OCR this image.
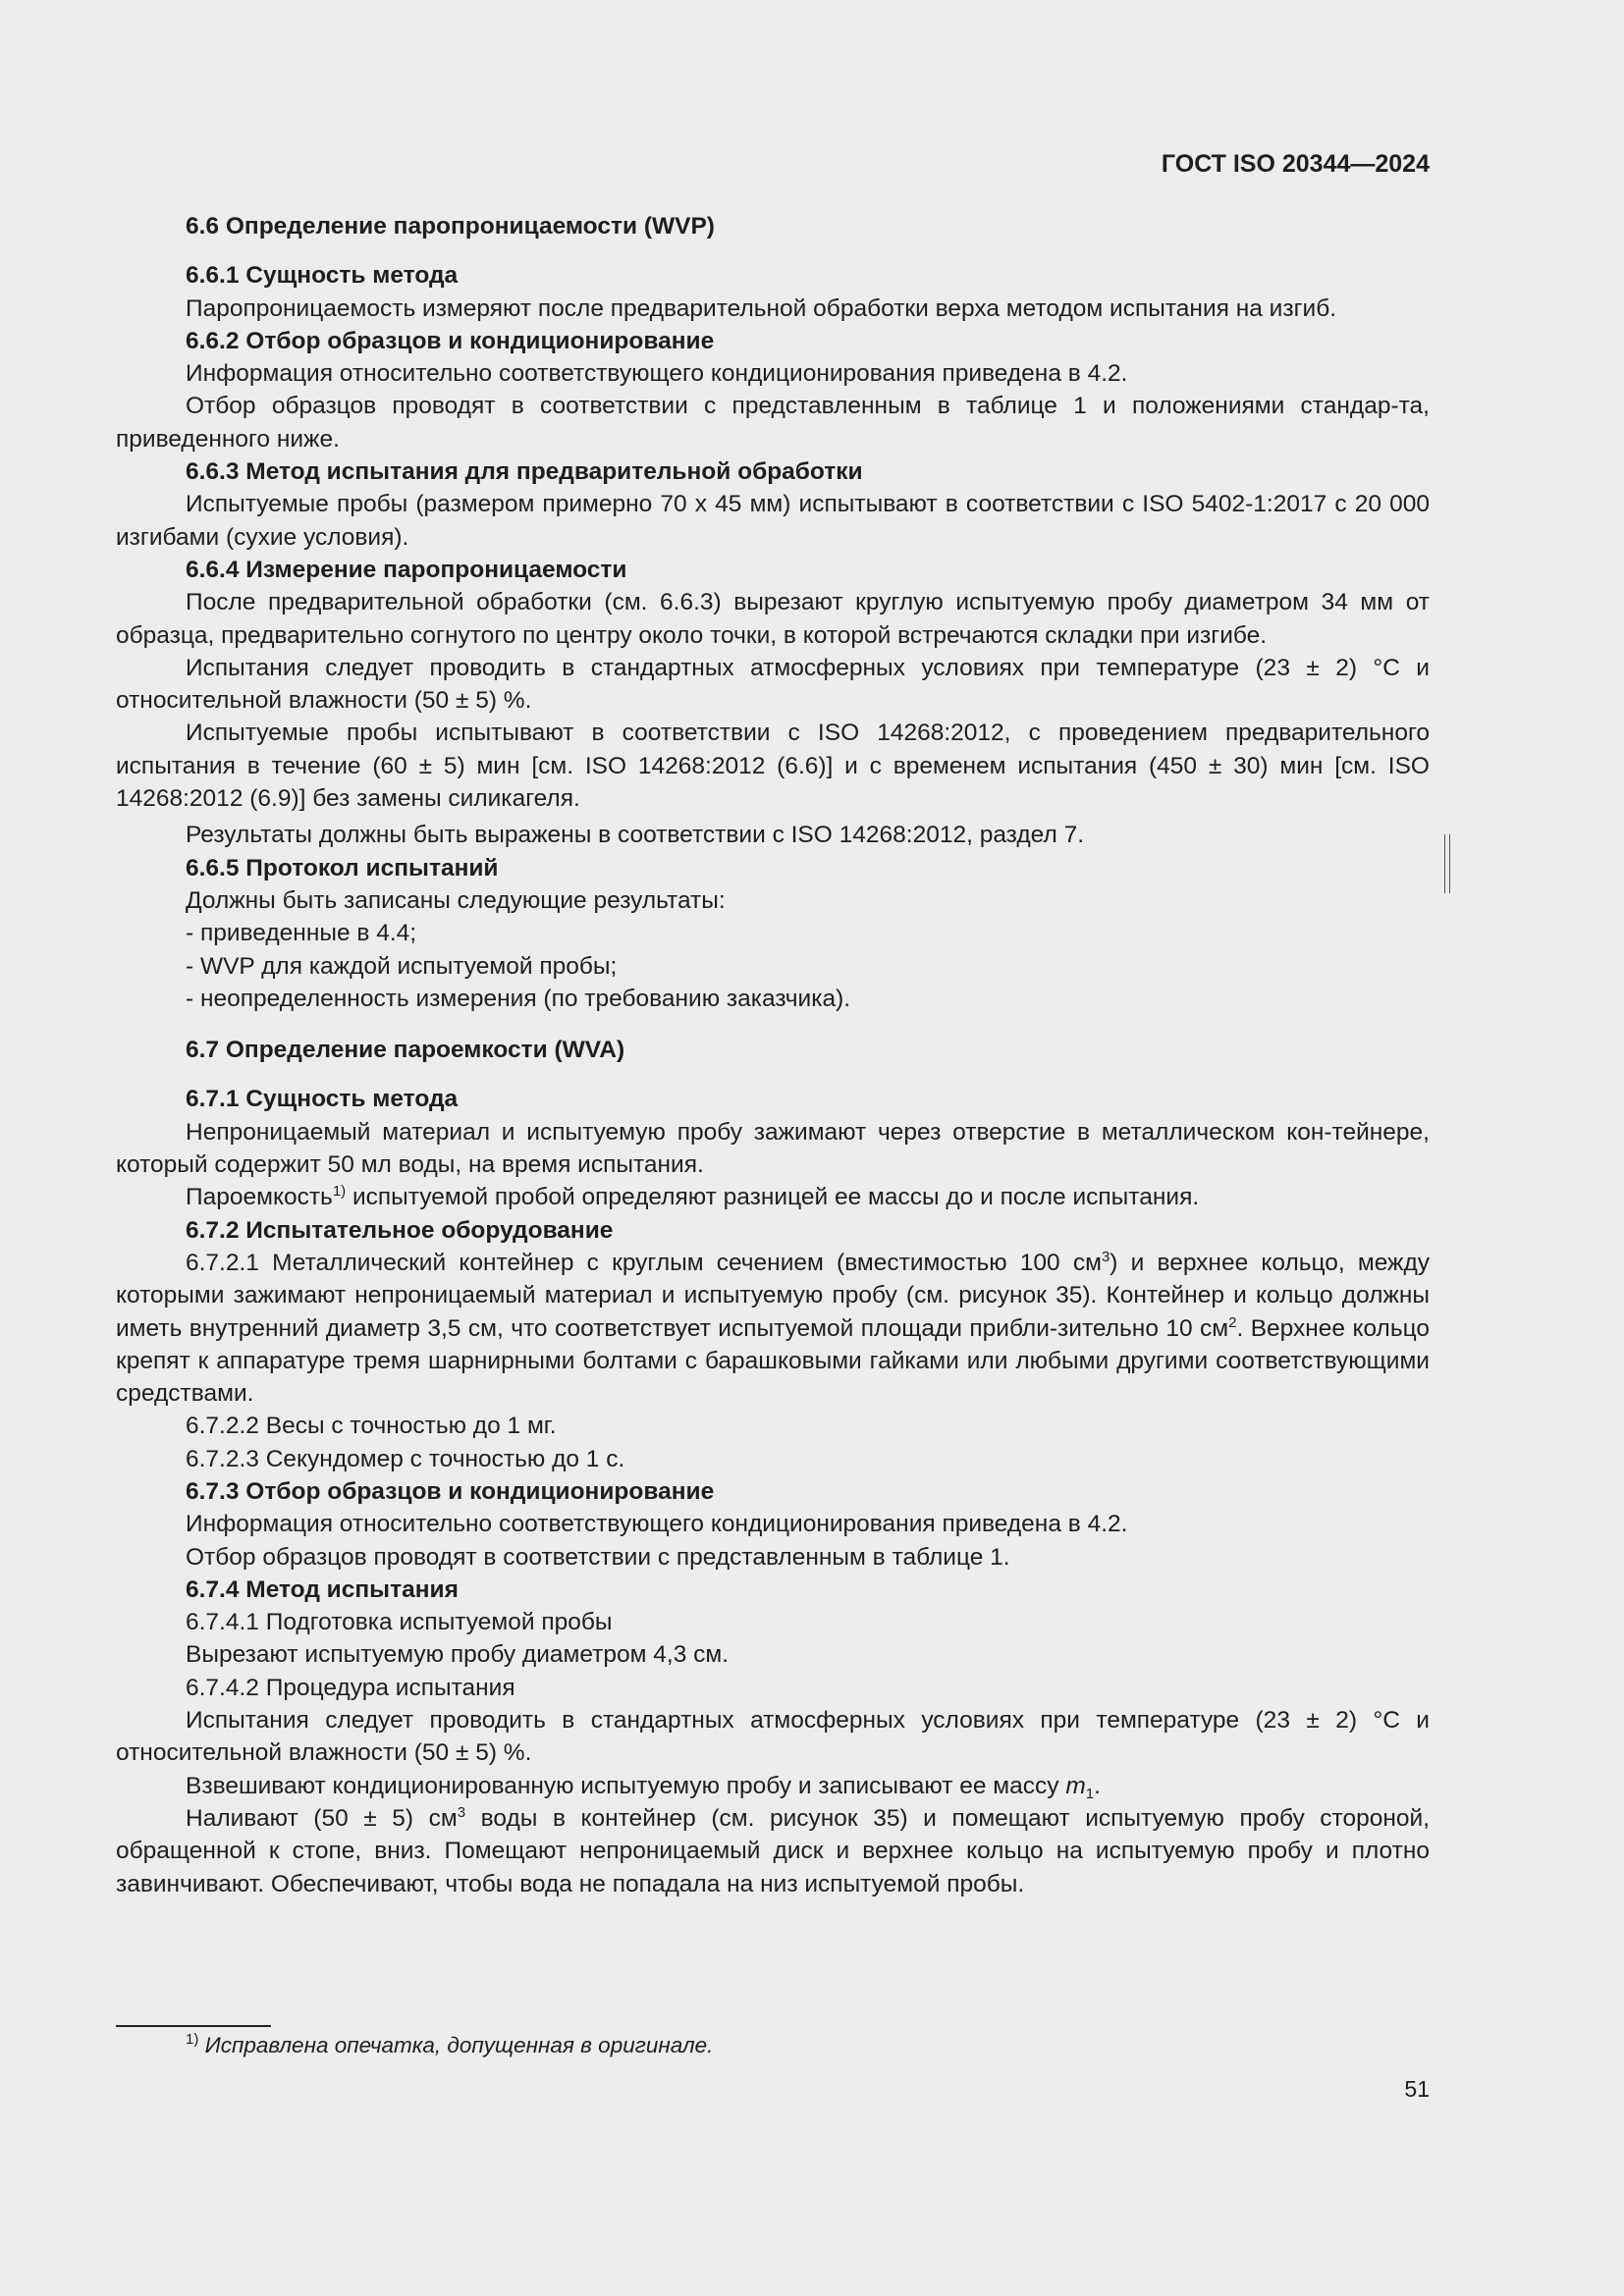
ГОСТ ISO 20344—2024

6.6 Определение паропроницаемости (WVP)

6.6.1 Сущность метода

Паропроницаемость измеряют после предварительной обработки верха методом испытания на изгиб.

6.6.2 Отбор образцов и кондиционирование

Информация относительно соответствующего кондиционирования приведена в 4.2.

Отбор образцов проводят в соответствии с представленным в таблице 1 и положениями стандар-та, приведенного ниже.

6.6.3 Метод испытания для предварительной обработки

Испытуемые пробы (размером примерно 70 х 45 мм) испытывают в соответствии с ISO 5402-1:2017 с 20 000 изгибами (сухие условия).

6.6.4 Измерение паропроницаемости

После предварительной обработки (см. 6.6.3) вырезают круглую испытуемую пробу диаметром 34 мм от образца, предварительно согнутого по центру около точки, в которой встречаются складки при изгибе.

Испытания следует проводить в стандартных атмосферных условиях при температуре (23 ± 2) °С и относительной влажности (50 ± 5) %.

Испытуемые пробы испытывают в соответствии с ISO 14268:2012, с проведением предварительного испытания в течение (60 ± 5) мин [см. ISO 14268:2012 (6.6)] и с временем испытания (450 ± 30) мин [см. ISO 14268:2012 (6.9)] без замены силикагеля.

Результаты должны быть выражены в соответствии с ISO 14268:2012, раздел 7.

6.6.5 Протокол испытаний

Должны быть записаны следующие результаты:

- приведенные в 4.4;

- WVP для каждой испытуемой пробы;

- неопределенность измерения (по требованию заказчика).

6.7 Определение пароемкости (WVA)

6.7.1 Сущность метода

Непроницаемый материал и испытуемую пробу зажимают через отверстие в металлическом кон-тейнере, который содержит 50 мл воды, на время испытания.

Пароемкость$^{1)}$ испытуемой пробой определяют разницей ее массы до и после испытания.

6.7.2 Испытательное оборудование

6.7.2.1 Металлический контейнер с круглым сечением (вместимостью 100 $см^3$) и верхнее кольцо, между которыми зажимают непроницаемый материал и испытуемую пробу (см. рисунок 35). Контейнер и кольцо должны иметь внутренний диаметр 3,5 см, что соответствует испытуемой площади прибли-зительно 10 $см^2$. Верхнее кольцо крепят к аппаратуре тремя шарнирными болтами с барашковыми гайками или любыми другими соответствующими средствами.

6.7.2.2 Весы с точностью до 1 мг.

6.7.2.3 Секундомер с точностью до 1 с.

6.7.3 Отбор образцов и кондиционирование

Информация относительно соответствующего кондиционирования приведена в 4.2.

Отбор образцов проводят в соответствии с представленным в таблице 1.

6.7.4 Метод испытания

6.7.4.1 Подготовка испытуемой пробы

Вырезают испытуемую пробу диаметром 4,3 см.

6.7.4.2 Процедура испытания

Испытания следует проводить в стандартных атмосферных условиях при температуре (23 ± 2) °С и относительной влажности (50 ± 5) %.

Взвешивают кондиционированную испытуемую пробу и записывают ее массу $m_1$.

Наливают (50 ± 5) $см^3$ воды в контейнер (см. рисунок 35) и помещают испытуемую пробу стороной, обращенной к стопе, вниз. Помещают непроницаемый диск и верхнее кольцо на испытуемую пробу и плотно завинчивают. Обеспечивают, чтобы вода не попадала на низ испытуемой пробы.

$^{1)}$ Исправлена опечатка, допущенная в оригинале.
51
